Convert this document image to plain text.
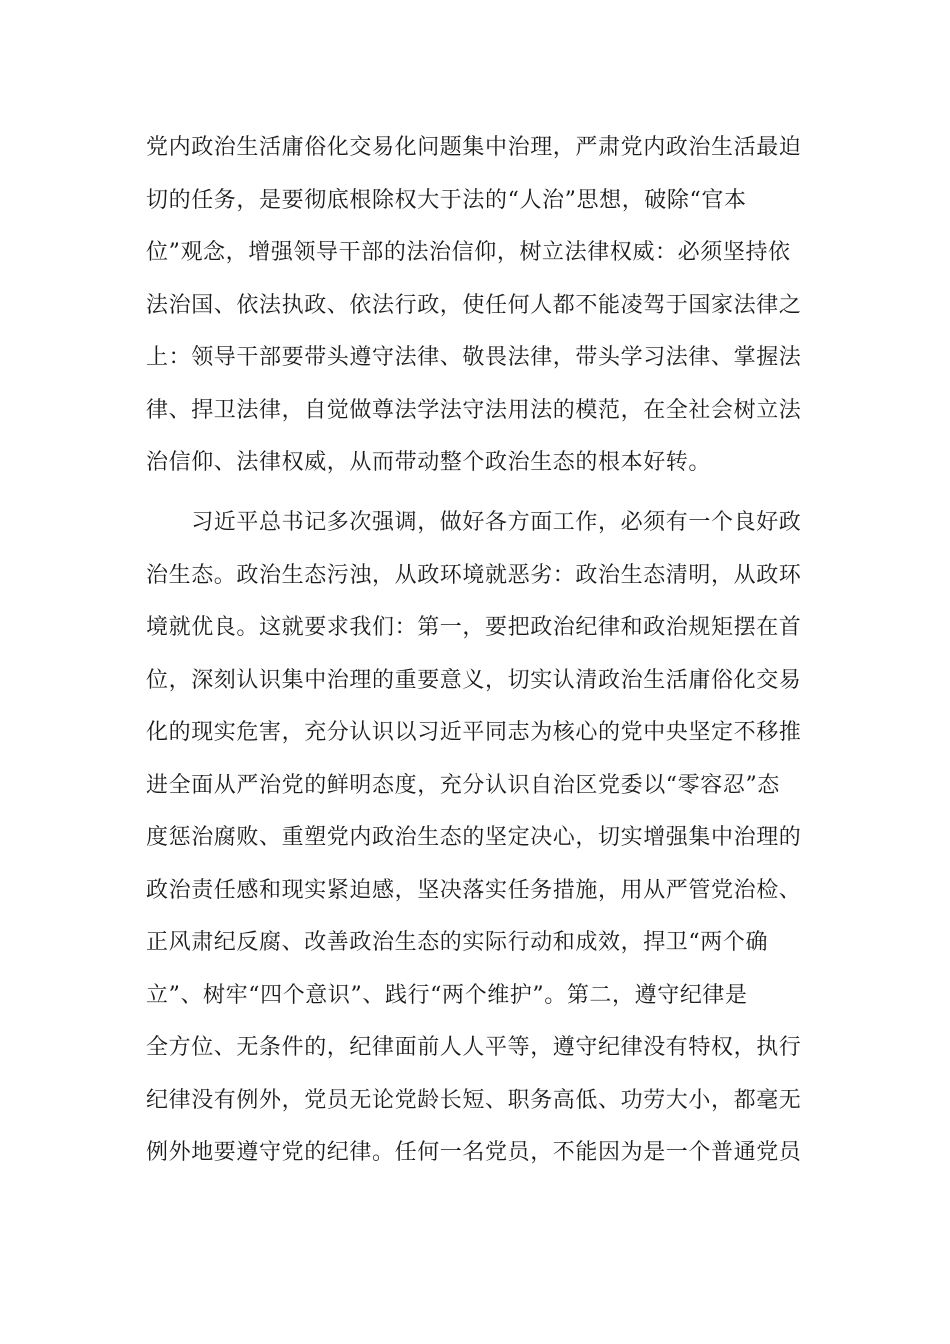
党内政治生活庸俗化交易化问题集中治理，严肃党内政治生活最迫
切的任务，是要彻底根除权大于法的“人治”思想，破除“官本
位”观念，增强领导干部的法治信仰，树立法律权威：必须坚持依
法治国、依法执政、依法行政，使任何人都不能凌驾于国家法律之
上：领导干部要带头遵守法律、敬畏法律，带头学习法律、掌握法
律、捍卫法律，自觉做尊法学法守法用法的模范，在全社会树立法
治信仰、法律权威，从而带动整个政治生态的根本好转。
　　习近平总书记多次强调，做好各方面工作，必须有一个良好政
治生态。政治生态污浊，从政环境就恶劣：政治生态清明，从政环
境就优良。这就要求我们：第一，要把政治纪律和政治规矩摆在首
位，深刻认识集中治理的重要意义，切实认清政治生活庸俗化交易
化的现实危害，充分认识以习近平同志为核心的党中央坚定不移推
进全面从严治党的鲜明态度，充分认识自治区党委以“零容忍”态
度惩治腐败、重塑党内政治生态的坚定决心，切实增强集中治理的
政治责任感和现实紧迫感，坚决落实任务措施，用从严管党治检、
正风肃纪反腐、改善政治生态的实际行动和成效，捍卫“两个确
立”、树牢“四个意识”、践行“两个维护”。第二，遵守纪律是
全方位、无条件的，纪律面前人人平等，遵守纪律没有特权，执行
纪律没有例外，党员无论党龄长短、职务高低、功劳大小，都毫无
例外地要遵守党的纪律。任何一名党员，不能因为是一个普通党员
